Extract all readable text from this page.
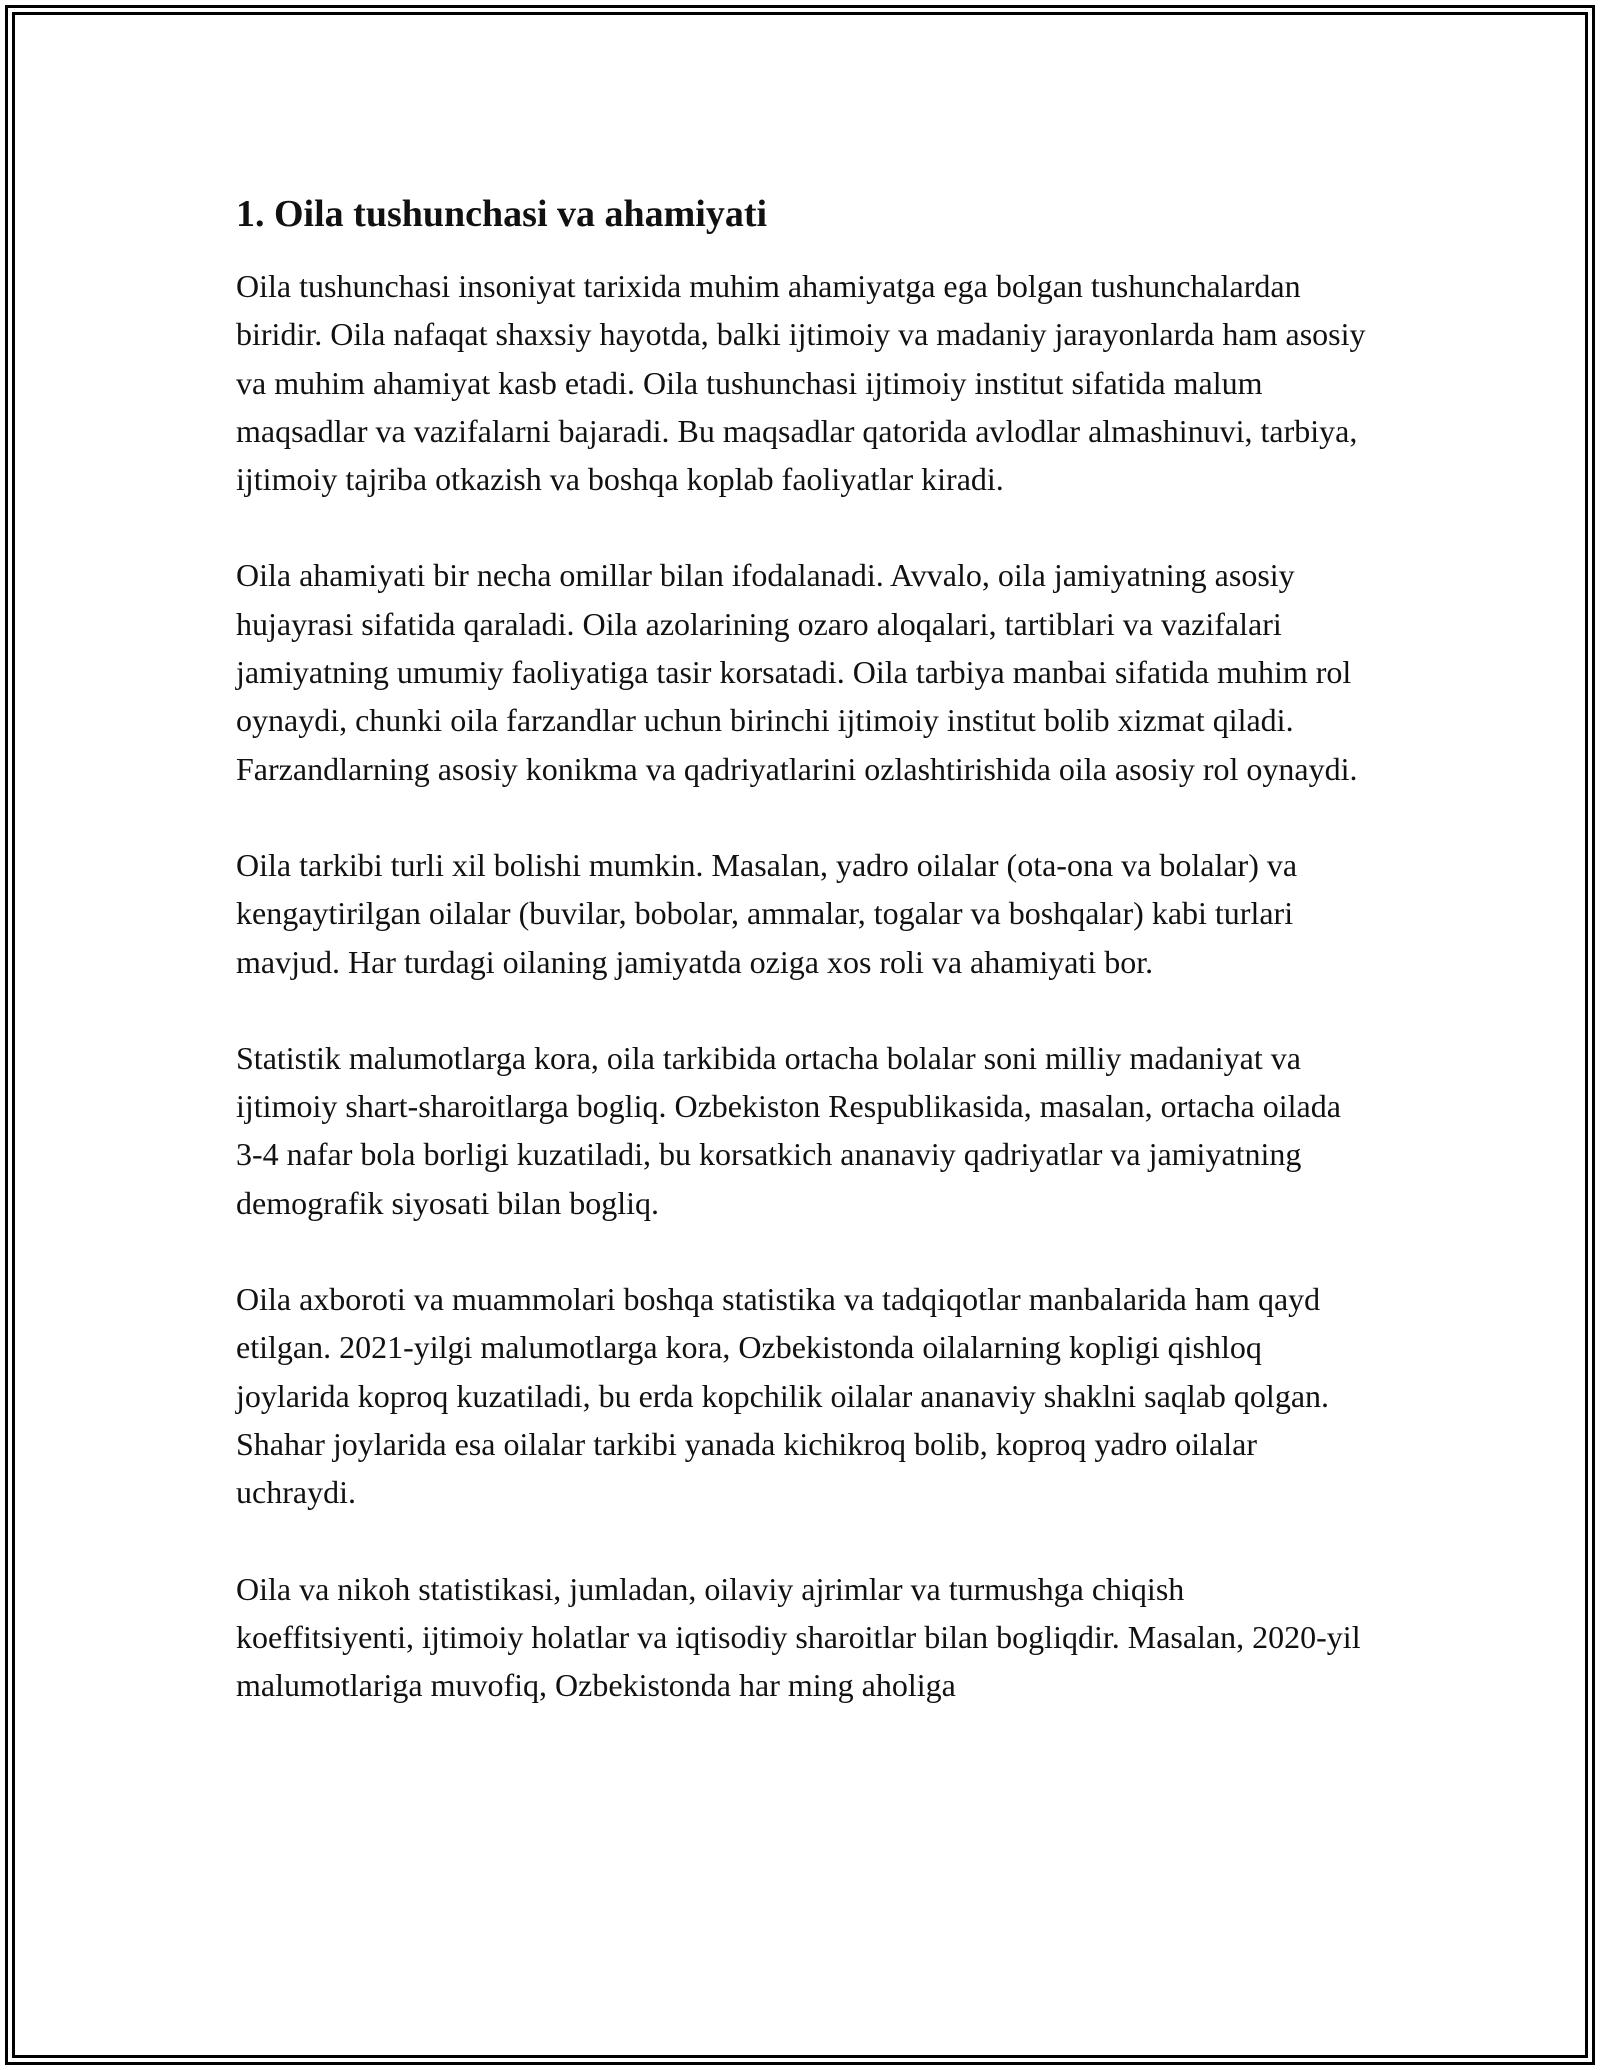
1. Oila tushunchasi va ahamiyati

Oila tushunchasi insoniyat tarixida muhim ahamiyatga ega bolgan tushunchalardan biridir. Oila nafaqat shaxsiy hayotda, balki ijtimoiy va madaniy jarayonlarda ham asosiy va muhim ahamiyat kasb etadi. Oila tushunchasi ijtimoiy institut sifatida malum maqsadlar va vazifalarni bajaradi. Bu maqsadlar qatorida avlodlar almashinuvi, tarbiya, ijtimoiy tajriba otkazish va boshqa koplab faoliyatlar kiradi.

Oila ahamiyati bir necha omillar bilan ifodalanadi. Avvalo, oila jamiyatning asosiy hujayrasi sifatida qaraladi. Oila azolarining ozaro aloqalari, tartiblari va vazifalari jamiyatning umumiy faoliyatiga tasir korsatadi. Oila tarbiya manbai sifatida muhim rol oynaydi, chunki oila farzandlar uchun birinchi ijtimoiy institut bolib xizmat qiladi. Farzandlarning asosiy konikma va qadriyatlarini ozlashtirishida oila asosiy rol oynaydi.

Oila tarkibi turli xil bolishi mumkin. Masalan, yadro oilalar (ota-ona va bolalar) va kengaytirilgan oilalar (buvilar, bobolar, ammalar, togalar va boshqalar) kabi turlari mavjud. Har turdagi oilaning jamiyatda oziga xos roli va ahamiyati bor.

Statistik malumotlarga kora, oila tarkibida ortacha bolalar soni milliy madaniyat va ijtimoiy shart-sharoitlarga bogliq. Ozbekiston Respublikasida, masalan, ortacha oilada 3-4 nafar bola borligi kuzatiladi, bu korsatkich ananaviy qadriyatlar va jamiyatning demografik siyosati bilan bogliq.

Oila axboroti va muammolari boshqa statistika va tadqiqotlar manbalarida ham qayd etilgan. 2021-yilgi malumotlarga kora, Ozbekistonda oilalarning kopligi qishloq joylarida koproq kuzatiladi, bu erda kopchilik oilalar ananaviy shaklni saqlab qolgan. Shahar joylarida esa oilalar tarkibi yanada kichikroq bolib, koproq yadro oilalar uchraydi.

Oila va nikoh statistikasi, jumladan, oilaviy ajrimlar va turmushga chiqish koeffitsiyenti, ijtimoiy holatlar va iqtisodiy sharoitlar bilan bogliqdir. Masalan, 2020-yil malumotlariga muvofiq, Ozbekistonda har ming aholiga
